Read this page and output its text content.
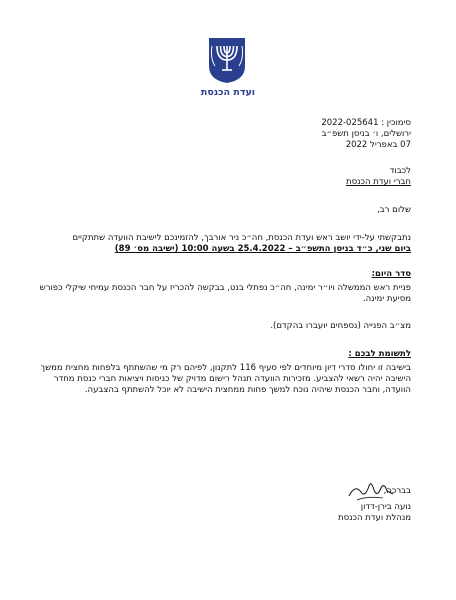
ועדת הכנסת
סימוכין : 2022-025641
ירושלים, ו׳ בניסן תשפ״ב
07 באפריל 2022
לכבוד
חברי ועדת הכנסת
שלום רב,
נתבקשתי על-ידי יושב ראש ועדת הכנסת, חה״כ ניר אורבך, להזמינכם לישיבת הוועדה שתתקיים
ביום שני, כ״ד בניסן התשפ״ב – 25.4.2022 בשעה 10:00 (ישיבה מס׳ 89)
סדר היום:
פניית ראש הממשלה ויו״ר ימינה, חה״כ נפתלי בנט, בבקשה להכריז על חבר הכנסת עמיחי שיקלי כפורש מסיעת ימינה.
מצ״ב הפנייה (נספחים יועברו בהקדם).
לתשומת לבכם :
בישיבה זו יחולו סדרי דיון מיוחדים לפי סעיף 116 לתקנון, לפיהם רק מי שהשתתף בלפחות מחצית ממשך הישיבה יהיה רשאי להצביע. מזכירות הוועדה תנהל רישום מדויק של כניסות ויציאות חברי כנסת מחדר הוועדה, וחבר הכנסת שיהיה נוכח למשך פחות ממחצית הישיבה לא יוכל להשתתף בהצבעה.
בברכה,
נועה בירן-דדון
מנהלת ועדת הכנסת
